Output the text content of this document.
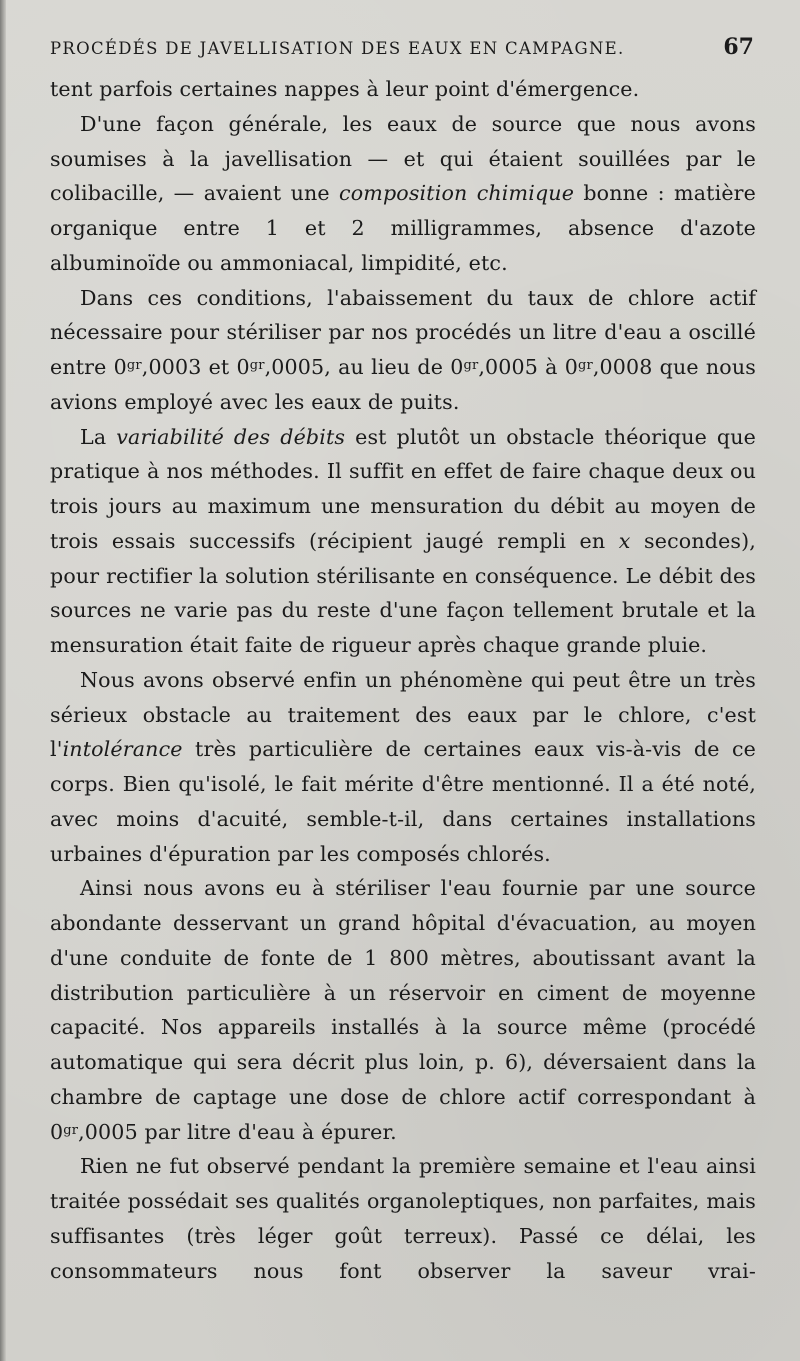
PROCÉDÉS DE JAVELLISATION DES EAUX EN CAMPAGNE.	67

tent parfois certaines nappes à leur point d'émergence.

D'une façon générale, les eaux de source que nous avons soumises à la javellisation — et qui étaient souillées par le colibacille, — avaient une composition chimique bonne : matière organique entre 1 et 2 milligrammes, absence d'azote albuminoïde ou ammoniacal, limpidité, etc.

Dans ces conditions, l'abaissement du taux de chlore actif nécessaire pour stériliser par nos procédés un litre d'eau a oscillé entre $0^{gr},0003$ et $0^{gr},0005$, au lieu de $0^{gr},0005$ à $0^{gr},0008$ que nous avions employé avec les eaux de puits.

La variabilité des débits est plutôt un obstacle théorique que pratique à nos méthodes. Il suffit en effet de faire chaque deux ou trois jours au maximum une mensuration du débit au moyen de trois essais successifs (récipient jaugé rempli en x secondes), pour rectifier la solution stérilisante en conséquence. Le débit des sources ne varie pas du reste d'une façon tellement brutale et la mensuration était faite de rigueur après chaque grande pluie.

Nous avons observé enfin un phénomène qui peut être un très sérieux obstacle au traitement des eaux par le chlore, c'est l'intolérance très particulière de certaines eaux vis-à-vis de ce corps. Bien qu'isolé, le fait mérite d'être mentionné. Il a été noté, avec moins d'acuité, semble-t-il, dans certaines installations urbaines d'épuration par les composés chlorés.

Ainsi nous avons eu à stériliser l'eau fournie par une source abondante desservant un grand hôpital d'évacuation, au moyen d'une conduite de fonte de 1 800 mètres, aboutissant avant la distribution particulière à un réservoir en ciment de moyenne capacité. Nos appareils installés à la source même (procédé automatique qui sera décrit plus loin, p. 6), déversaient dans la chambre de captage une dose de chlore actif correspondant à $0^{gr},0005$ par litre d'eau à épurer.

Rien ne fut observé pendant la première semaine et l'eau ainsi traitée possédait ses qualités organoleptiques, non parfaites, mais suffisantes (très léger goût terreux). Passé ce délai, les consommateurs nous font observer la saveur vrai-
